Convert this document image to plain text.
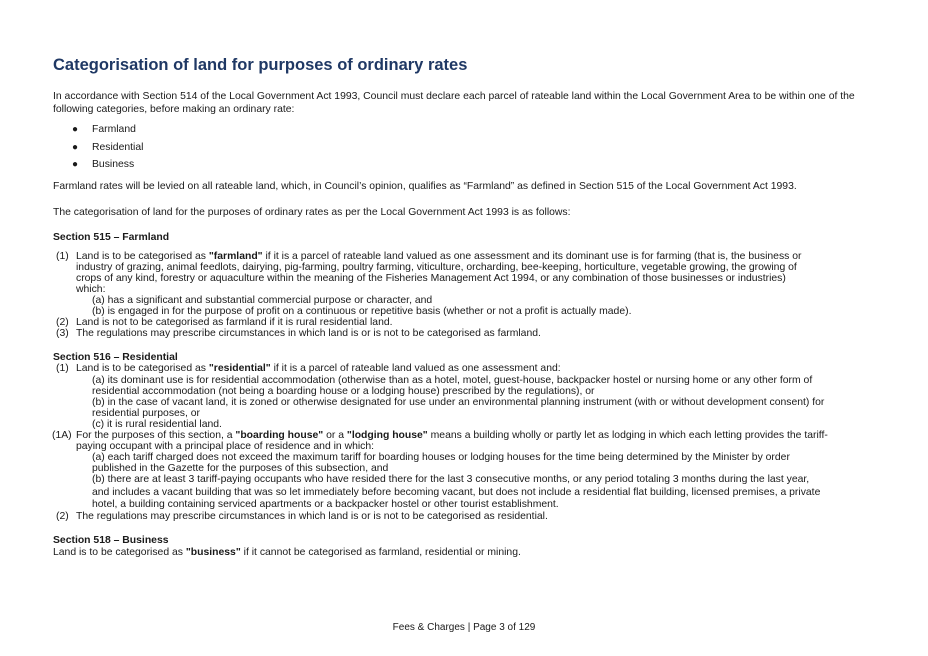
Categorisation of land for purposes of ordinary rates
In accordance with Section 514 of the Local Government Act 1993, Council must declare each parcel of rateable land within the Local Government Area to be within one of the following categories, before making an ordinary rate:
●	Farmland
●	Residential
●	Business
Farmland rates will be levied on all rateable land, which, in Council’s opinion, qualifies as “Farmland” as defined in Section 515 of the Local Government Act 1993.
The categorisation of land for the purposes of ordinary rates as per the Local Government Act 1993 is as follows:
Section 515 – Farmland
(1) Land is to be categorised as "farmland" if it is a parcel of rateable land valued as one assessment and its dominant use is for farming (that is, the business or
industry of grazing, animal feedlots, dairying, pig-farming, poultry farming, viticulture, orcharding, bee-keeping, horticulture, vegetable growing, the growing of
crops of any kind, forestry or aquaculture within the meaning of the Fisheries Management Act 1994, or any combination of those businesses or industries)
which:
(a) has a significant and substantial commercial purpose or character, and
(b) is engaged in for the purpose of profit on a continuous or repetitive basis (whether or not a profit is actually made).
(2) Land is not to be categorised as farmland if it is rural residential land.
(3) The regulations may prescribe circumstances in which land is or is not to be categorised as farmland.
Section 516 – Residential
(1) Land is to be categorised as "residential" if it is a parcel of rateable land valued as one assessment and:
(a) its dominant use is for residential accommodation (otherwise than as a hotel, motel, guest-house, backpacker hostel or nursing home or any other form of
residential accommodation (not being a boarding house or a lodging house) prescribed by the regulations), or
(b) in the case of vacant land, it is zoned or otherwise designated for use under an environmental planning instrument (with or without development consent) for
residential purposes, or
(c) it is rural residential land.
(1A) For the purposes of this section, a "boarding house" or a "lodging house" means a building wholly or partly let as lodging in which each letting provides the tariff-
paying occupant with a principal place of residence and in which:
(a) each tariff charged does not exceed the maximum tariff for boarding houses or lodging houses for the time being determined by the Minister by order
published in the Gazette for the purposes of this subsection, and
(b) there are at least 3 tariff-paying occupants who have resided there for the last 3 consecutive months, or any period totaling 3 months during the last year,
and includes a vacant building that was so let immediately before becoming vacant, but does not include a residential flat building, licensed premises, a private
hotel, a building containing serviced apartments or a backpacker hostel or other tourist establishment.
(2) The regulations may prescribe circumstances in which land is or is not to be categorised as residential.
Section 518 – Business
Land is to be categorised as "business" if it cannot be categorised as farmland, residential or mining.
Fees & Charges | Page 3 of 129
